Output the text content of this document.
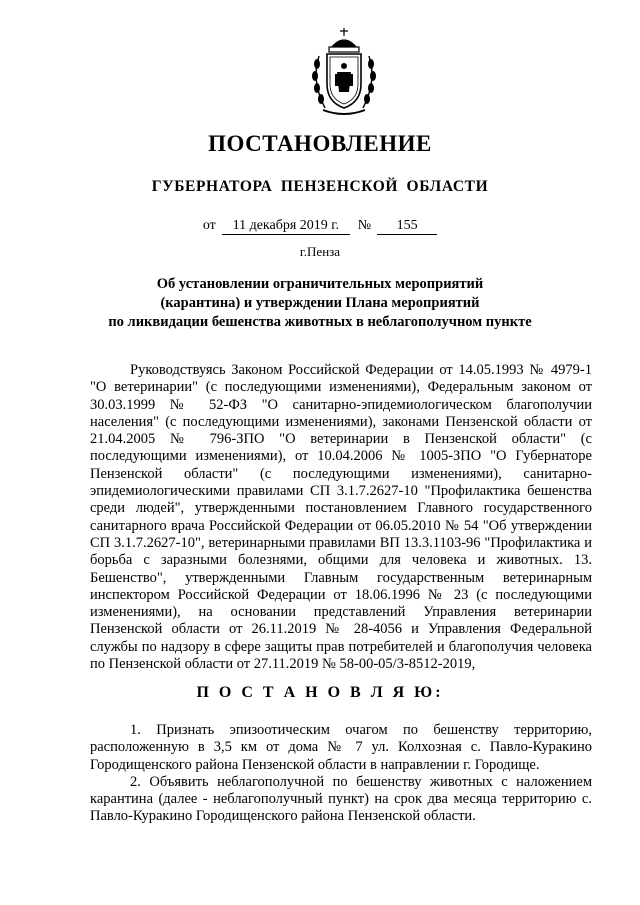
ПОСТАНОВЛЕНИЕ
ГУБЕРНАТОРА ПЕНЗЕНСКОЙ ОБЛАСТИ
от 11 декабря 2019 г. № 155
г.Пенза
Об установлении ограничительных мероприятий
(карантина) и утверждении Плана мероприятий
по ликвидации бешенства животных в неблагополучном пункте

Руководствуясь Законом Российской Федерации от 14.05.1993 № 4979-1 "О ветеринарии" (с последующими изменениями), Федеральным законом от 30.03.1999 № 52-ФЗ "О санитарно-эпидемиологическом благополучии населения" (с последующими изменениями), законами Пензенской области от 21.04.2005 № 796-ЗПО "О ветеринарии в Пензенской области" (с последующими изменениями), от 10.04.2006 № 1005-ЗПО "О Губернаторе Пензенской области" (с последующими изменениями), санитарно-эпидемиологическими правилами СП 3.1.7.2627-10 "Профилактика бешенства среди людей", утвержденными постановлением Главного государственного санитарного врача Российской Федерации от 06.05.2010 № 54 "Об утверждении СП 3.1.7.2627-10", ветеринарными правилами ВП 13.3.1103-96 "Профилактика и борьба с заразными болезнями, общими для человека и животных. 13. Бешенство", утвержденными Главным государственным ветеринарным инспектором Российской Федерации от 18.06.1996 № 23 (с последующими изменениями), на основании представлений Управления ветеринарии Пензенской области от 26.11.2019 № 28-4056 и Управления Федеральной службы по надзору в сфере защиты прав потребителей и благополучия человека по Пензенской области от 27.11.2019 № 58-00-05/3-8512-2019,

П О С Т А Н О В Л Я Ю:

1. Признать эпизоотическим очагом по бешенству территорию, расположенную в 3,5 км от дома № 7 ул. Колхозная с. Павло-Куракино Городищенского района Пензенской области в направлении г. Городище.

2. Объявить неблагополучной по бешенству животных с наложением карантина (далее - неблагополучный пункт) на срок два месяца территорию с. Павло-Куракино Городищенского района Пензенской области.
